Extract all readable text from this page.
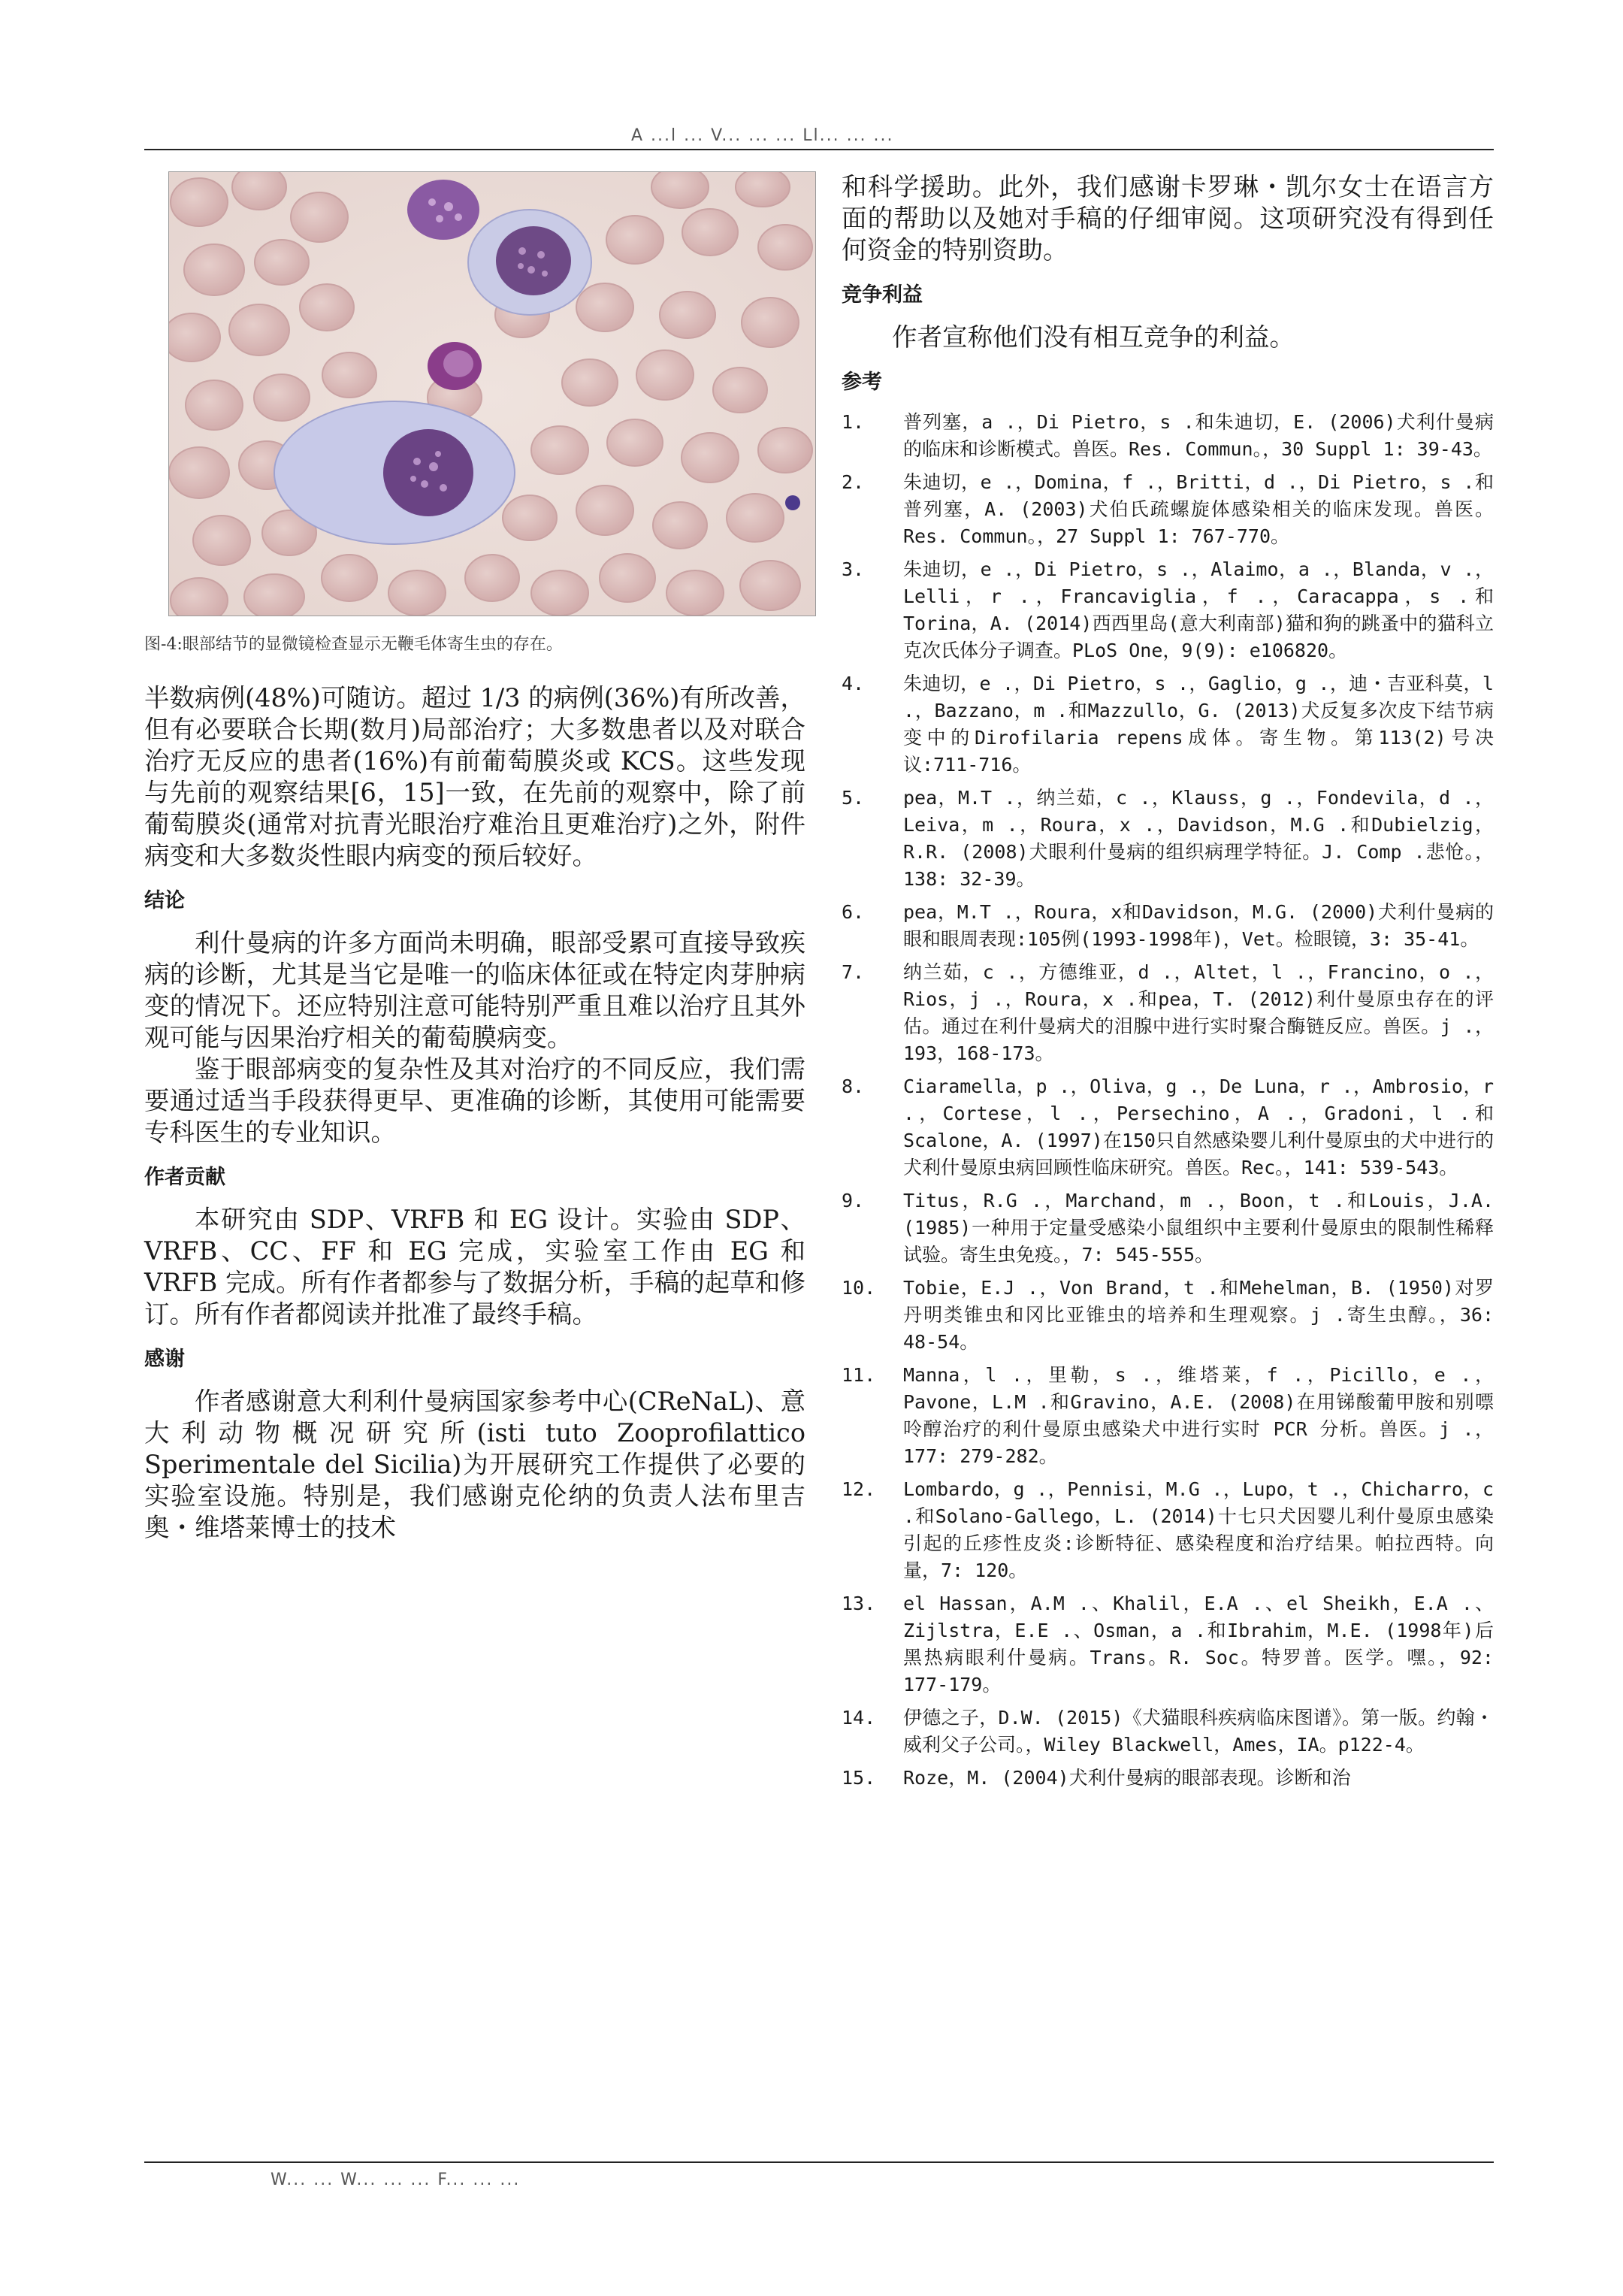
A ...l ... V... ... ... Ll... ... ...
图-4:眼部结节的显微镜检查显示无鞭毛体寄生虫的存在。

半数病例(48%)可随访。超过 1/3 的病例(36%)有所改善，但有必要联合长期(数月)局部治疗；大多数患者以及对联合治疗无反应的患者(16%)有前葡萄膜炎或 KCS。这些发现与先前的观察结果[6，15]一致，在先前的观察中，除了前葡萄膜炎(通常对抗青光眼治疗难治且更难治疗)之外，附件病变和大多数炎性眼内病变的预后较好。

结论

利什曼病的许多方面尚未明确，眼部受累可直接导致疾病的诊断，尤其是当它是唯一的临床体征或在特定肉芽肿病变的情况下。还应特别注意可能特别严重且难以治疗且其外观可能与因果治疗相关的葡萄膜病变。

鉴于眼部病变的复杂性及其对治疗的不同反应，我们需要通过适当手段获得更早、更准确的诊断，其使用可能需要专科医生的专业知识。

作者贡献

本研究由 SDP、VRFB 和 EG 设计。实验由 SDP、VRFB、CC、FF 和 EG 完成，实验室工作由 EG 和 VRFB 完成。所有作者都参与了数据分析，手稿的起草和修订。所有作者都阅读并批准了最终手稿。

感谢

作者感谢意大利利什曼病国家参考中心(CReNaL)、意大利动物概况研究所(isti tuto Zooprofilattico Sperimentale del Sicilia)为开展研究工作提供了必要的实验室设施。特别是，我们感谢克伦纳的负责人法布里吉奥・维塔莱博士的技术

和科学援助。此外，我们感谢卡罗琳・凯尔女士在语言方面的帮助以及她对手稿的仔细审阅。这项研究没有得到任何资金的特别资助。

竞争利益

作者宣称他们没有相互竞争的利益。

参考
1.	普列塞，a .，Di Pietro，s .和朱迪切，E. (2006)犬利什曼病的临床和诊断模式。兽医。Res. Commun。，30 Suppl 1: 39-43。
2.	朱迪切，e .，Domina，f .，Britti，d .，Di Pietro，s .和普列塞，A. (2003)犬伯氏疏螺旋体感染相关的临床发现。兽医。Res. Commun。，27 Suppl 1: 767-770。
3.	朱迪切，e .，Di Pietro，s .，Alaimo，a .，Blanda，v .，Lelli，r .，Francaviglia，f .，Caracappa，s .和Torina，A. (2014)西西里岛(意大利南部)猫和狗的跳蚤中的猫科立克次氏体分子调查。PLoS One，9(9): e106820。
4.	朱迪切，e .，Di Pietro，s .，Gaglio，g .，迪・吉亚科莫，l .，Bazzano，m .和Mazzullo，G. (2013)犬反复多次皮下结节病变中的Dirofilaria repens成体。寄生物。第113(2)号决议:711-716。
5.	pea，M.T .，纳兰茹，c .，Klauss，g .，Fondevila，d .，Leiva，m .，Roura，x .，Davidson，M.G .和Dubielzig，R.R. (2008)犬眼利什曼病的组织病理学特征。J. Comp .悲怆。，138: 32-39。
6.	pea，M.T .，Roura，x和Davidson，M.G. (2000)犬利什曼病的眼和眼周表现:105例(1993-1998年)，Vet。检眼镜，3: 35-41。
7.	纳兰茹，c .，方德维亚，d .，Altet，l .，Francino，o .，Rios，j .，Roura，x .和pea，T. (2012)利什曼原虫存在的评估。通过在利什曼病犬的泪腺中进行实时聚合酶链反应。兽医。j .，193，168-173。
8.	Ciaramella，p .，Oliva，g .，De Luna，r .，Ambrosio，r .，Cortese，l .，Persechino，A .，Gradoni，l .和Scalone，A. (1997)在150只自然感染婴儿利什曼原虫的犬中进行的犬利什曼原虫病回顾性临床研究。兽医。Rec。，141: 539-543。
9.	Titus，R.G .，Marchand，m .，Boon，t .和Louis，J.A. (1985)一种用于定量受感染小鼠组织中主要利什曼原虫的限制性稀释试验。寄生虫免疫。，7: 545-555。
10.	Tobie，E.J .，Von Brand，t .和Mehelman，B. (1950)对罗丹明类锥虫和冈比亚锥虫的培养和生理观察。j .寄生虫醇。，36: 48-54。
11.	Manna，l .，里勒，s .，维塔莱，f .，Picillo，e .，Pavone，L.M .和Gravino，A.E. (2008)在用锑酸葡甲胺和别嘌呤醇治疗的利什曼原虫感染犬中进行实时 PCR 分析。兽医。j .，177: 279-282。
12.	Lombardo，g .，Pennisi，M.G .，Lupo，t .，Chicharro，c .和Solano-Gallego，L. (2014)十七只犬因婴儿利什曼原虫感染引起的丘疹性皮炎:诊断特征、感染程度和治疗结果。帕拉西特。向量，7: 120。
13.	el Hassan，A.M .、Khalil，E.A .、el Sheikh，E.A .、Zijlstra，E.E .、Osman，a .和Ibrahim，M.E. (1998年)后黑热病眼利什曼病。Trans。R. Soc。特罗普。医学。嘿。，92: 177-179。
14.	伊德之子，D.W. (2015)《犬猫眼科疾病临床图谱》。第一版。约翰・威利父子公司。，Wiley Blackwell，Ames，IA。p122-4。
15.	Roze，M. (2004)犬利什曼病的眼部表现。诊断和治
W... ... W... ... ... F... ... ...
